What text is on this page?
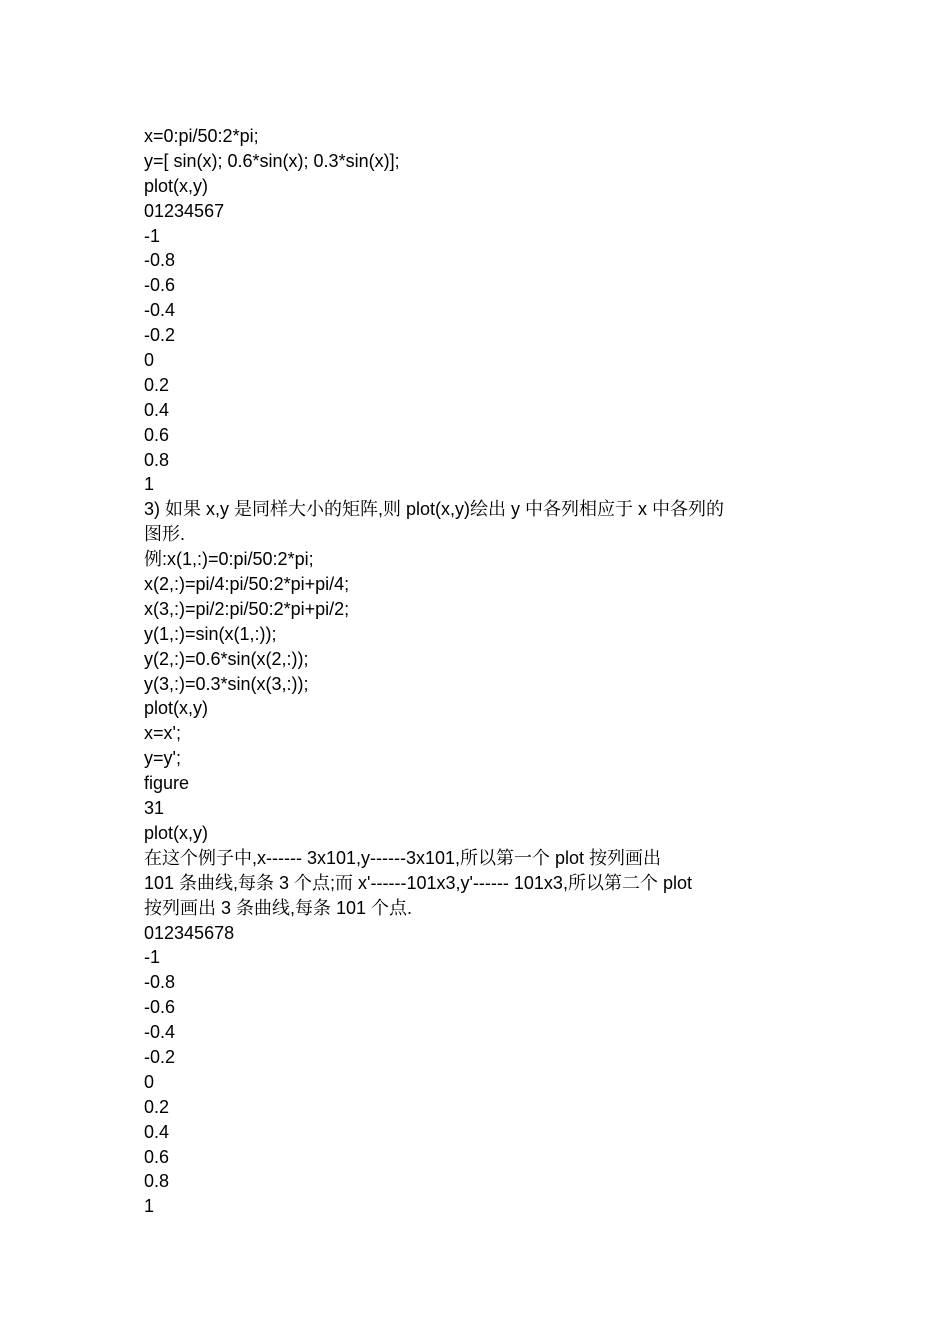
x=0:pi/50:2*pi;
y=[ sin(x); 0.6*sin(x); 0.3*sin(x)];
plot(x,y)
01234567
-1
-0.8
-0.6
-0.4
-0.2
0
0.2
0.4
0.6
0.8
1
3) 如果 x,y 是同样大小的矩阵,则 plot(x,y)绘出 y 中各列相应于 x 中各列的
图形.
例:x(1,:)=0:pi/50:2*pi;
x(2,:)=pi/4:pi/50:2*pi+pi/4;
x(3,:)=pi/2:pi/50:2*pi+pi/2;
y(1,:)=sin(x(1,:));
y(2,:)=0.6*sin(x(2,:));
y(3,:)=0.3*sin(x(3,:));
plot(x,y)
x=x';
y=y';
figure
31
plot(x,y)
在这个例子中,x------ 3x101,y------3x101,所以第一个 plot 按列画出
101 条曲线,每条 3 个点;而 x'------101x3,y'------ 101x3,所以第二个 plot
按列画出 3 条曲线,每条 101 个点.
012345678
-1
-0.8
-0.6
-0.4
-0.2
0
0.2
0.4
0.6
0.8
1
